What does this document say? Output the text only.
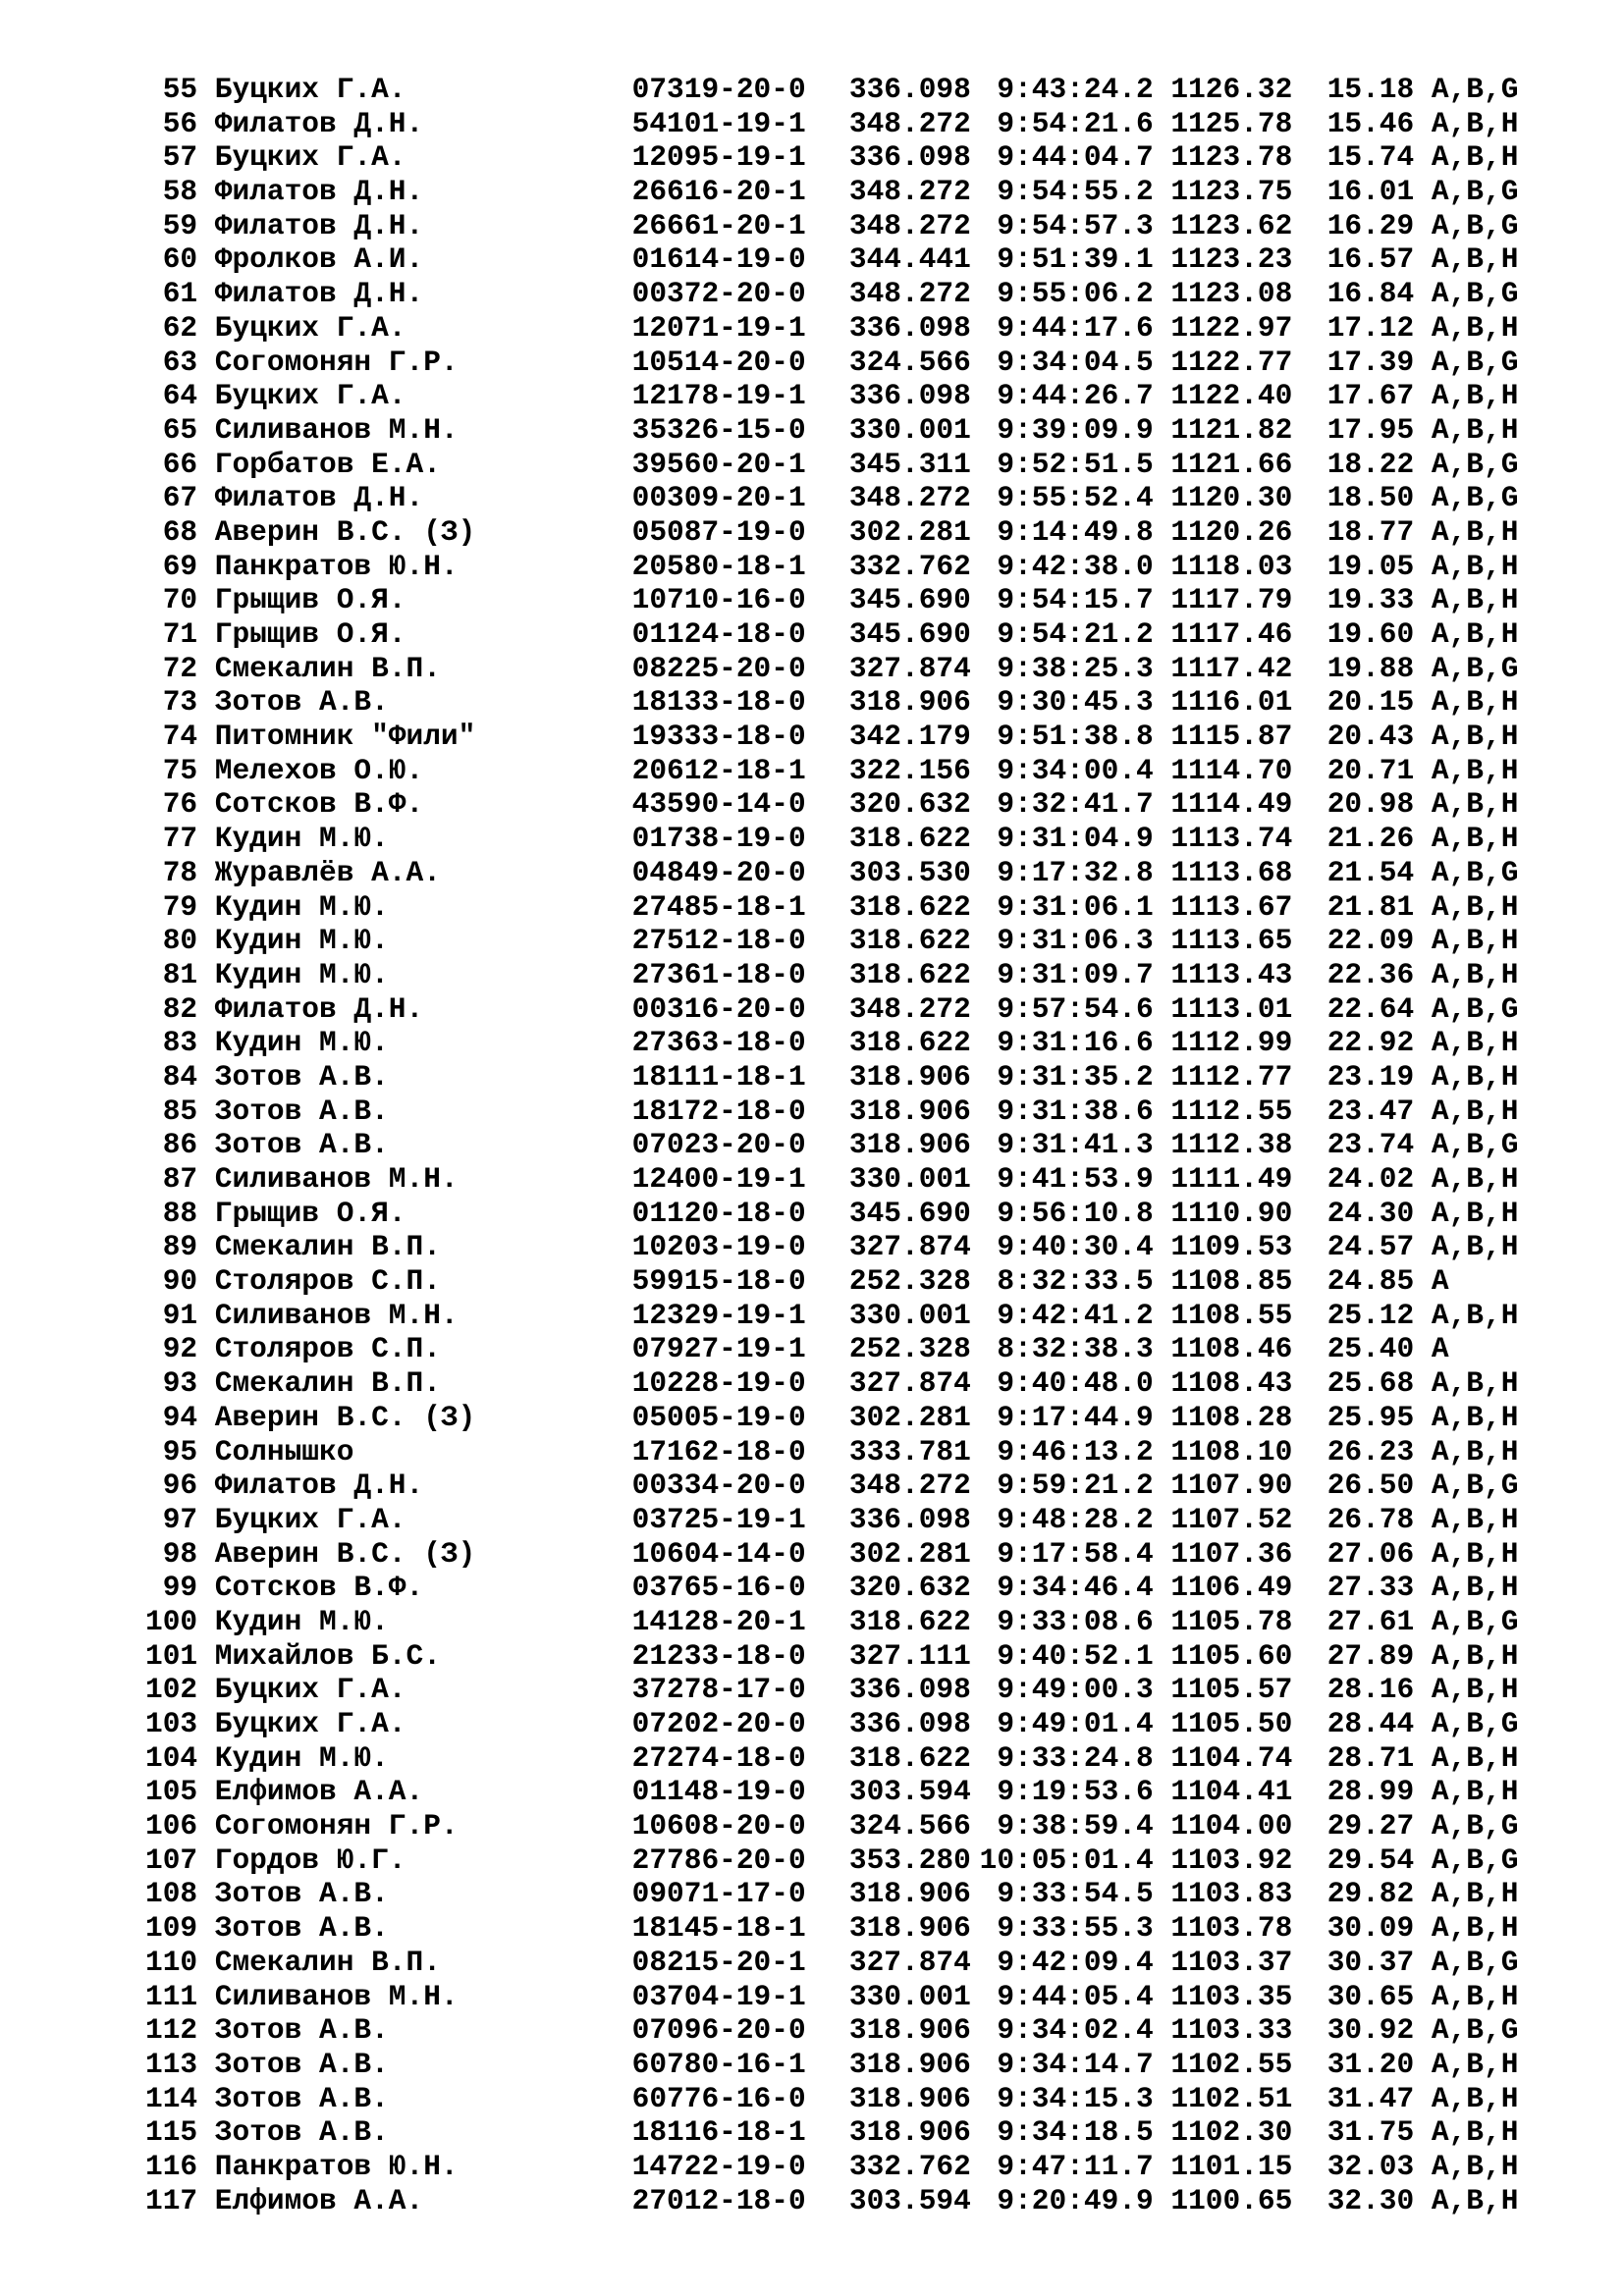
55 Буцких Г.А.	07319-20-0	336.098 9:43:24.2 1126.32	15.18 A,B,G
56 Филатов Д.Н.	54101-19-1	348.272 9:54:21.6 1125.78	15.46 A,B,H
57 Буцких Г.А.	12095-19-1	336.098 9:44:04.7 1123.78	15.74 A,B,H
58 Филатов Д.Н.	26616-20-1	348.272 9:54:55.2 1123.75	16.01 A,B,G
59 Филатов Д.Н.	26661-20-1	348.272 9:54:57.3 1123.62	16.29 A,B,G
60 Фролков А.И.	01614-19-0	344.441 9:51:39.1 1123.23	16.57 A,B,H
61 Филатов Д.Н.	00372-20-0	348.272 9:55:06.2 1123.08	16.84 A,B,G
62 Буцких Г.А.	12071-19-1	336.098 9:44:17.6 1122.97	17.12 A,B,H
63 Согомонян Г.Р.	10514-20-0	324.566 9:34:04.5 1122.77	17.39 A,B,G
64 Буцких Г.А.	12178-19-1	336.098 9:44:26.7 1122.40	17.67 A,B,H
65 Силиванов М.Н.	35326-15-0	330.001 9:39:09.9 1121.82	17.95 A,B,H
66 Горбатов Е.А.	39560-20-1	345.311 9:52:51.5 1121.66	18.22 A,B,G
67 Филатов Д.Н.	00309-20-1	348.272 9:55:52.4 1120.30	18.50 A,B,G
68 Аверин В.С. (З)	05087-19-0	302.281 9:14:49.8 1120.26	18.77 A,B,H
69 Панкратов Ю.Н.	20580-18-1	332.762 9:42:38.0 1118.03	19.05 A,B,H
70 Грыщив О.Я.	10710-16-0	345.690 9:54:15.7 1117.79	19.33 A,B,H
71 Грыщив О.Я.	01124-18-0	345.690 9:54:21.2 1117.46	19.60 A,B,H
72 Смекалин В.П.	08225-20-0	327.874 9:38:25.3 1117.42	19.88 A,B,G
73 Зотов А.В.	18133-18-0	318.906 9:30:45.3 1116.01	20.15 A,B,H
74 Питомник "Фили"	19333-18-0	342.179 9:51:38.8 1115.87	20.43 A,B,H
75 Мелехов О.Ю.	20612-18-1	322.156 9:34:00.4 1114.70	20.71 A,B,H
76 Сотсков В.Ф.	43590-14-0	320.632 9:32:41.7 1114.49	20.98 A,B,H
77 Кудин М.Ю.	01738-19-0	318.622 9:31:04.9 1113.74	21.26 A,B,H
78 Журавлёв А.А.	04849-20-0	303.530 9:17:32.8 1113.68	21.54 A,B,G
79 Кудин М.Ю.	27485-18-1	318.622 9:31:06.1 1113.67	21.81 A,B,H
80 Кудин М.Ю.	27512-18-0	318.622 9:31:06.3 1113.65	22.09 A,B,H
81 Кудин М.Ю.	27361-18-0	318.622 9:31:09.7 1113.43	22.36 A,B,H
82 Филатов Д.Н.	00316-20-0	348.272 9:57:54.6 1113.01	22.64 A,B,G
83 Кудин М.Ю.	27363-18-0	318.622 9:31:16.6 1112.99	22.92 A,B,H
84 Зотов А.В.	18111-18-1	318.906 9:31:35.2 1112.77	23.19 A,B,H
85 Зотов А.В.	18172-18-0	318.906 9:31:38.6 1112.55	23.47 A,B,H
86 Зотов А.В.	07023-20-0	318.906 9:31:41.3 1112.38	23.74 A,B,G
87 Силиванов М.Н.	12400-19-1	330.001 9:41:53.9 1111.49	24.02 A,B,H
88 Грыщив О.Я.	01120-18-0	345.690 9:56:10.8 1110.90	24.30 A,B,H
89 Смекалин В.П.	10203-19-0	327.874 9:40:30.4 1109.53	24.57 A,B,H
90 Столяров С.П.	59915-18-0	252.328 8:32:33.5 1108.85	24.85 A
91 Силиванов М.Н.	12329-19-1	330.001 9:42:41.2 1108.55	25.12 A,B,H
92 Столяров С.П.	07927-19-1	252.328 8:32:38.3 1108.46	25.40 A
93 Смекалин В.П.	10228-19-0	327.874 9:40:48.0 1108.43	25.68 A,B,H
94 Аверин В.С. (З)	05005-19-0	302.281 9:17:44.9 1108.28	25.95 A,B,H
95 Солнышко	17162-18-0	333.781 9:46:13.2 1108.10	26.23 A,B,H
96 Филатов Д.Н.	00334-20-0	348.272 9:59:21.2 1107.90	26.50 A,B,G
97 Буцких Г.А.	03725-19-1	336.098 9:48:28.2 1107.52	26.78 A,B,H
98 Аверин В.С. (З)	10604-14-0	302.281 9:17:58.4 1107.36	27.06 A,B,H
99 Сотсков В.Ф.	03765-16-0	320.632 9:34:46.4 1106.49	27.33 A,B,H
100 Кудин М.Ю.	14128-20-1	318.622 9:33:08.6 1105.78	27.61 A,B,G
101 Михайлов Б.С.	21233-18-0	327.111 9:40:52.1 1105.60	27.89 A,B,H
102 Буцких Г.А.	37278-17-0	336.098 9:49:00.3 1105.57	28.16 A,B,H
103 Буцких Г.А.	07202-20-0	336.098 9:49:01.4 1105.50	28.44 A,B,G
104 Кудин М.Ю.	27274-18-0	318.622 9:33:24.8 1104.74	28.71 A,B,H
105 Елфимов А.А.	01148-19-0	303.594 9:19:53.6 1104.41	28.99 A,B,H
106 Согомонян Г.Р.	10608-20-0	324.566 9:38:59.4 1104.00	29.27 A,B,G
107 Гордов Ю.Г.	27786-20-0	353.280 10:05:01.4 1103.92	29.54 A,B,G
108 Зотов А.В.	09071-17-0	318.906 9:33:54.5 1103.83	29.82 A,B,H
109 Зотов А.В.	18145-18-1	318.906 9:33:55.3 1103.78	30.09 A,B,H
110 Смекалин В.П.	08215-20-1	327.874 9:42:09.4 1103.37	30.37 A,B,G
111 Силиванов М.Н.	03704-19-1	330.001 9:44:05.4 1103.35	30.65 A,B,H
112 Зотов А.В.	07096-20-0	318.906 9:34:02.4 1103.33	30.92 A,B,G
113 Зотов А.В.	60780-16-1	318.906 9:34:14.7 1102.55	31.20 A,B,H
114 Зотов А.В.	60776-16-0	318.906 9:34:15.3 1102.51	31.47 A,B,H
115 Зотов А.В.	18116-18-1	318.906 9:34:18.5 1102.30	31.75 A,B,H
116 Панкратов Ю.Н.	14722-19-0	332.762 9:47:11.7 1101.15	32.03 A,B,H
117 Елфимов А.А.	27012-18-0	303.594 9:20:49.9 1100.65	32.30 A,B,H
